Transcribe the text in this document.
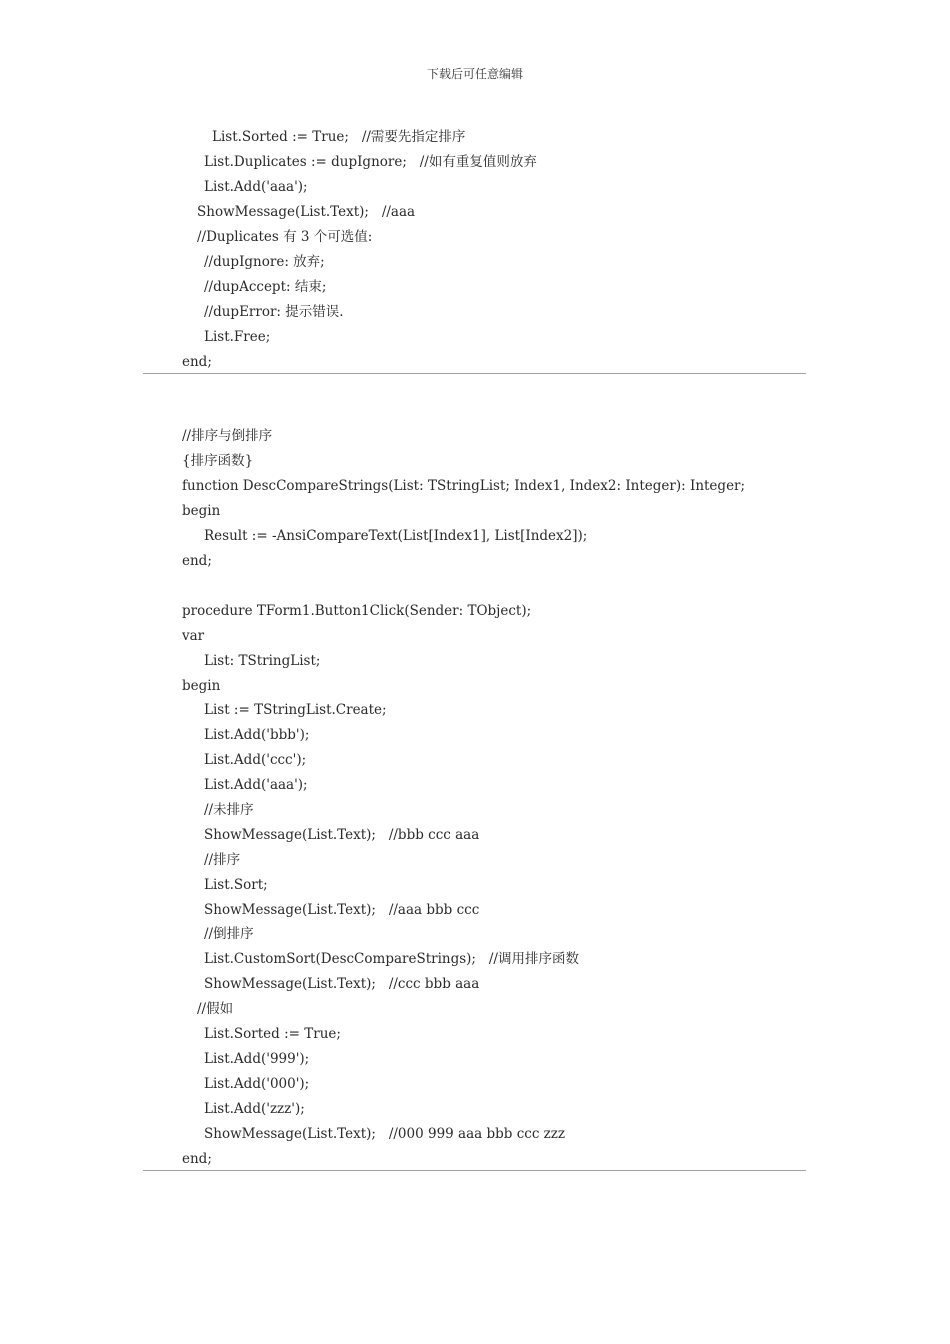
下载后可任意编辑
List.Sorted := True;   //需要先指定排序
List.Duplicates := dupIgnore;   //如有重复值则放弃
List.Add('aaa');
ShowMessage(List.Text);   //aaa
//Duplicates 有 3 个可选值:
//dupIgnore: 放弃;
//dupAccept: 结束;
//dupError: 提示错误.
List.Free;
end;
//排序与倒排序
{排序函数}
function DescCompareStrings(List: TStringList; Index1, Index2: Integer): Integer;
begin
Result := -AnsiCompareText(List[Index1], List[Index2]);
end;
procedure TForm1.Button1Click(Sender: TObject);
var
List: TStringList;
begin
List := TStringList.Create;
List.Add('bbb');
List.Add('ccc');
List.Add('aaa');
//未排序
ShowMessage(List.Text);   //bbb ccc aaa
//排序
List.Sort;
ShowMessage(List.Text);   //aaa bbb ccc
//倒排序
List.CustomSort(DescCompareStrings);   //调用排序函数
ShowMessage(List.Text);   //ccc bbb aaa
//假如
List.Sorted := True;
List.Add('999');
List.Add('000');
List.Add('zzz');
ShowMessage(List.Text);   //000 999 aaa bbb ccc zzz
end;
